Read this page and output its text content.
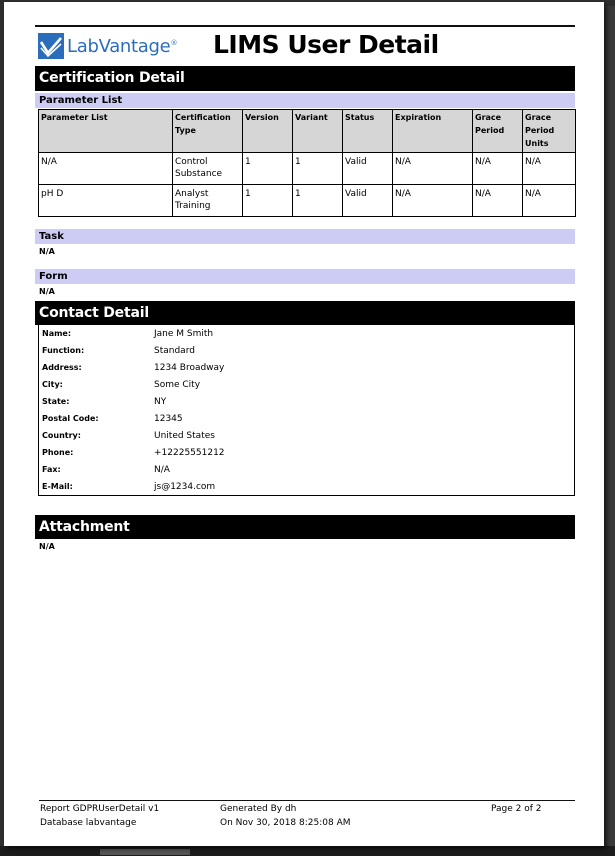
LabVantage® LIMS User Detail
Certification Detail
Parameter List
Parameter List	Certification Type	Version	Variant	Status	Expiration	Grace Period	Grace Period Units
N/A	Control Substance	1	1	Valid	N/A	N/A	N/A
pH D	Analyst Training	1	1	Valid	N/A	N/A	N/A
Task
N/A
Form
N/A
Contact Detail
Name:	Jane M Smith
Function:	Standard
Address:	1234 Broadway
City:	Some City
State:	NY
Postal Code:	12345
Country:	United States
Phone:	+12225551212
Fax:	N/A
E-Mail:	js@1234.com
Attachment
N/A
Report GDPRUserDetail v1
Database labvantage
Generated By dh
On Nov 30, 2018 8:25:08 AM
Page 2 of 2
